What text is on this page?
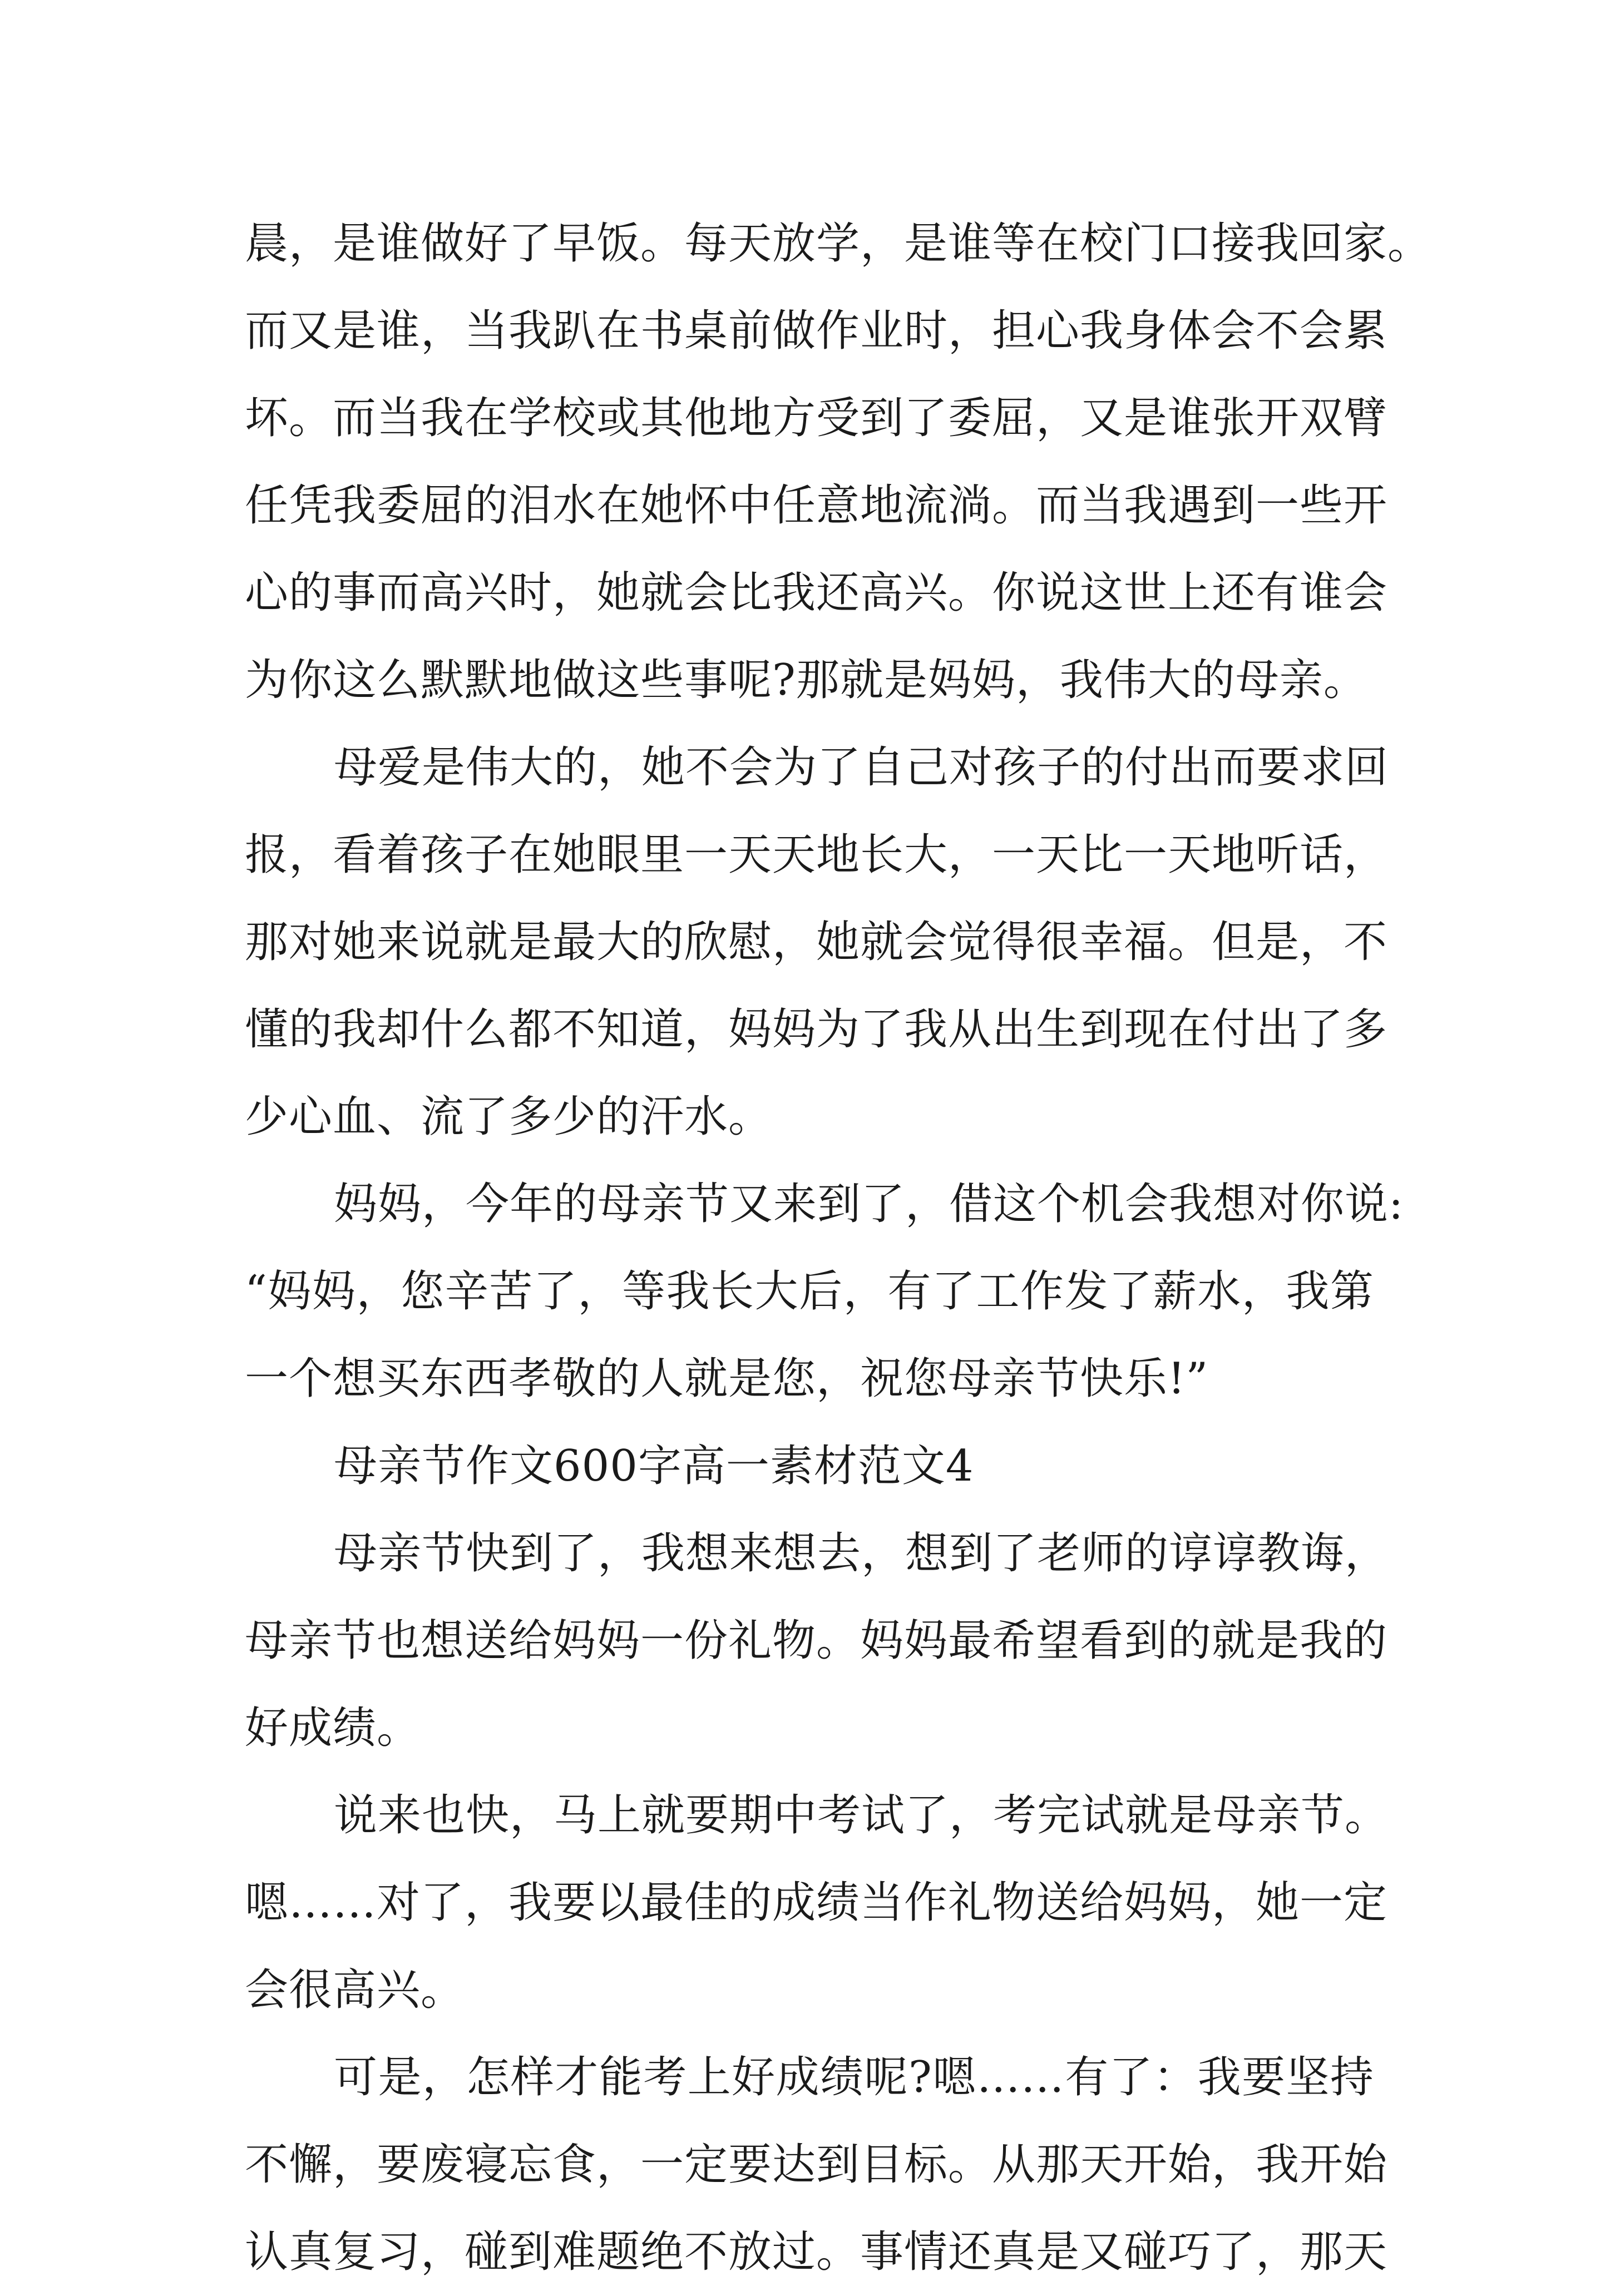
晨，是谁做好了早饭。每天放学，是谁等在校门口接我回家。
而又是谁，当我趴在书桌前做作业时，担心我身体会不会累
坏。而当我在学校或其他地方受到了委屈，又是谁张开双臂
任凭我委屈的泪水在她怀中任意地流淌。而当我遇到一些开
心的事而高兴时，她就会比我还高兴。你说这世上还有谁会
为你这么默默地做这些事呢?那就是妈妈，我伟大的母亲。
母爱是伟大的，她不会为了自己对孩子的付出而要求回
报，看着孩子在她眼里一天天地长大，一天比一天地听话，
那对她来说就是最大的欣慰，她就会觉得很幸福。但是，不
懂的我却什么都不知道，妈妈为了我从出生到现在付出了多
少心血、流了多少的汗水。
妈妈，今年的母亲节又来到了，借这个机会我想对你说:
“妈妈，您辛苦了，等我长大后，有了工作发了薪水，我第
一个想买东西孝敬的人就是您，祝您母亲节快乐!”
母亲节作文600字高一素材范文4
母亲节快到了，我想来想去，想到了老师的谆谆教诲，
母亲节也想送给妈妈一份礼物。妈妈最希望看到的就是我的
好成绩。
说来也快，马上就要期中考试了，考完试就是母亲节。
嗯……对了，我要以最佳的成绩当作礼物送给妈妈，她一定
会很高兴。
可是，怎样才能考上好成绩呢?嗯……有了：我要坚持
不懈，要废寝忘食，一定要达到目标。从那天开始，我开始
认真复习，碰到难题绝不放过。事情还真是又碰巧了，那天
